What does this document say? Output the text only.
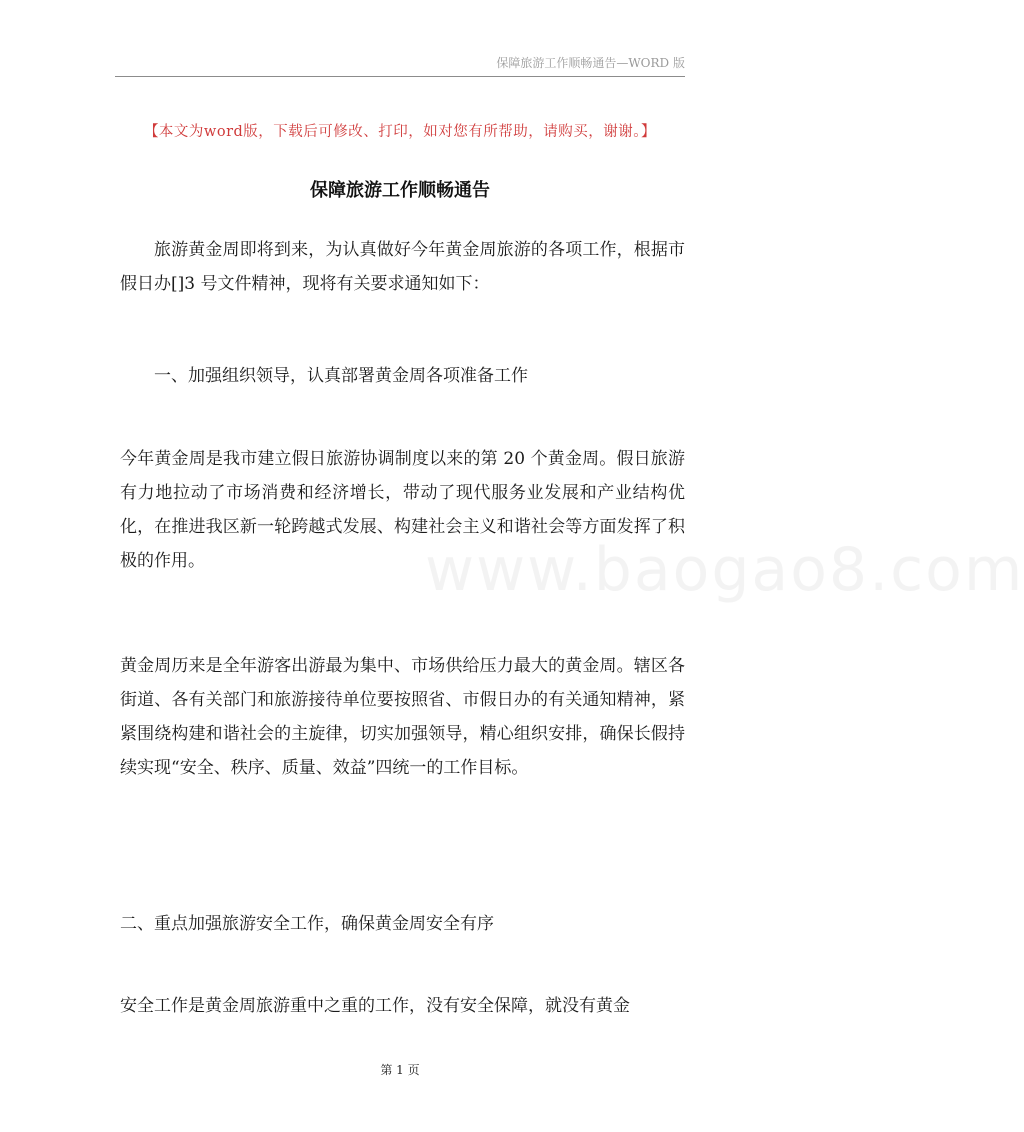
保障旅游工作顺畅通告—WORD 版
www.baogao8.com
【本文为word版，下载后可修改、打印，如对您有所帮助，请购买，谢谢。】
保障旅游工作顺畅通告

旅游黄金周即将到来，为认真做好今年黄金周旅游的各项工作，根据市假日办[]3 号文件精神，现将有关要求通知如下：

一、加强组织领导，认真部署黄金周各项准备工作

今年黄金周是我市建立假日旅游协调制度以来的第 20 个黄金周。假日旅游有力地拉动了市场消费和经济增长，带动了现代服务业发展和产业结构优化，在推进我区新一轮跨越式发展、构建社会主义和谐社会等方面发挥了积极的作用。

黄金周历来是全年游客出游最为集中、市场供给压力最大的黄金周。辖区各街道、各有关部门和旅游接待单位要按照省、市假日办的有关通知精神，紧紧围绕构建和谐社会的主旋律，切实加强领导，精心组织安排，确保长假持续实现“安全、秩序、质量、效益”四统一的工作目标。

二、重点加强旅游安全工作，确保黄金周安全有序

安全工作是黄金周旅游重中之重的工作，没有安全保障，就没有黄金

第 1 页
